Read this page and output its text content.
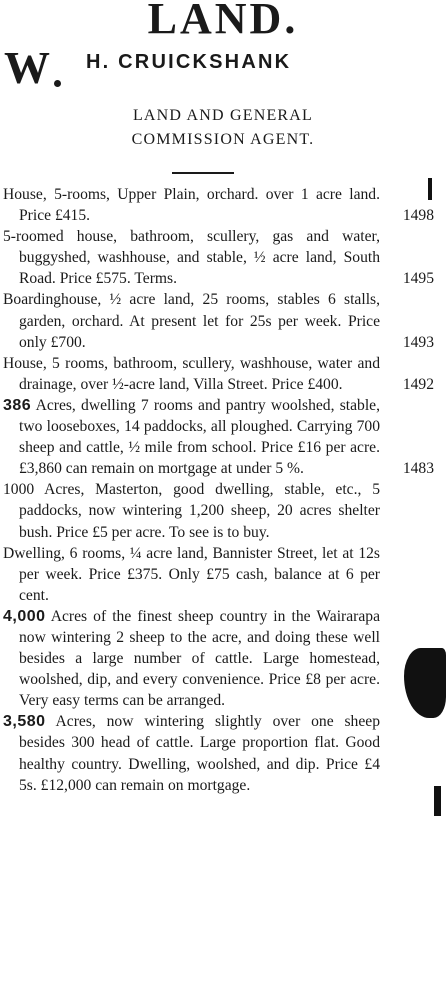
LAND.
W H. CRUICKSHANK
LAND AND GENERAL COMMISSION AGENT.
House, 5-rooms, Upper Plain, orchard. over 1 acre land. Price £415.	1498
5-roomed house, bathroom, scullery, gas and water, buggyshed, washhouse, and stable, ½ acre land, South Road. Price £575. Terms.	1495
Boardinghouse, ½ acre land, 25 rooms, stables 6 stalls, garden, orchard. At present let for 25s per week. Price only £700.	1493
House, 5 rooms, bathroom, scullery, washhouse, water and drainage, over ½-acre land, Villa Street. Price £400.	1492
386 Acres, dwelling 7 rooms and pantry woolshed, stable, two looseboxes, 14 paddocks, all ploughed. Carrying 700 sheep and cattle, ½ mile from school. Price £16 per acre. £3,860 can remain on mortgage at under 5 %.	1483
1000 Acres, Masterton, good dwelling, stable, etc., 5 paddocks, now wintering 1,200 sheep, 20 acres shelter bush. Price £5 per acre. To see is to buy.
Dwelling, 6 rooms, ¼ acre land, Bannister Street, let at 12s per week. Price £375. Only £75 cash, balance at 6 per cent.
4,000 Acres of the finest sheep country in the Wairarapa now wintering 2 sheep to the acre, and doing these well besides a large number of cattle. Large homestead, woolshed, dip, and every convenience. Price £8 per acre. Very easy terms can be arranged.
3,580 Acres, now wintering slightly over one sheep besides 300 head of cattle. Large proportion flat. Good healthy country. Dwelling, woolshed, and dip. Price £4 5s. £12,000 can remain on mortgage.
